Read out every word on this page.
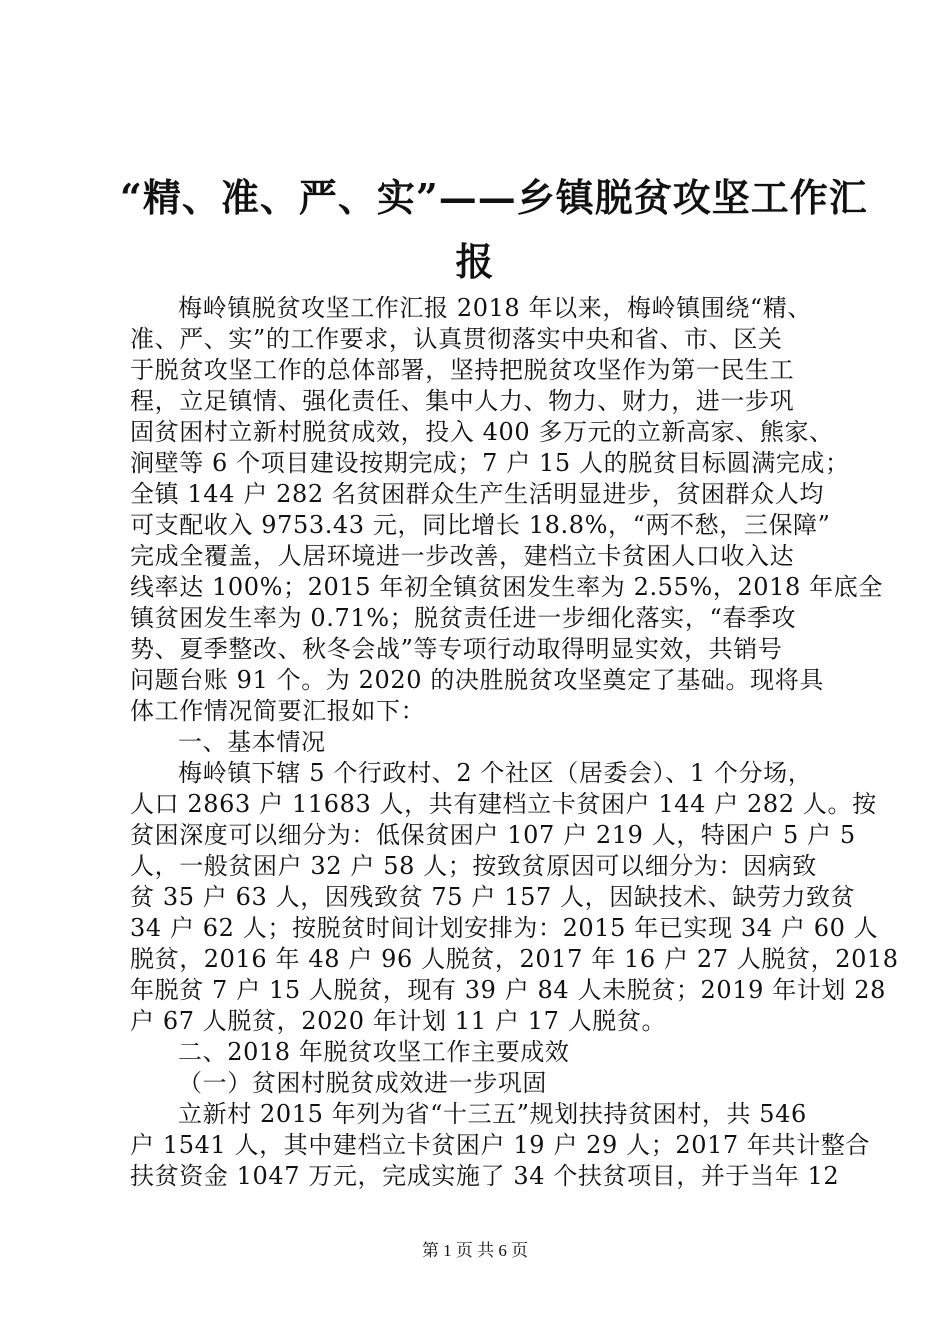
“精、准、严、实”——乡镇脱贫攻坚工作汇
报
梅岭镇脱贫攻坚工作汇报 2018 年以来，梅岭镇围绕“精、
准、严、实”的工作要求，认真贯彻落实中央和省、市、区关
于脱贫攻坚工作的总体部署，坚持把脱贫攻坚作为第一民生工
程，立足镇情、强化责任、集中人力、物力、财力，进一步巩
固贫困村立新村脱贫成效，投入 400 多万元的立新高家、熊家、
涧壁等 6 个项目建设按期完成；7 户 15 人的脱贫目标圆满完成；
全镇 144 户 282 名贫困群众生产生活明显进步，贫困群众人均
可支配收入 9753.43 元，同比增长 18.8%，“两不愁，三保障”
完成全覆盖，人居环境进一步改善，建档立卡贫困人口收入达
线率达 100%；2015 年初全镇贫困发生率为 2.55%，2018 年底全
镇贫困发生率为 0.71%；脱贫责任进一步细化落实，“春季攻
势、夏季整改、秋冬会战”等专项行动取得明显实效，共销号
问题台账 91 个。为 2020 的决胜脱贫攻坚奠定了基础。现将具
体工作情况简要汇报如下：
一、基本情况
梅岭镇下辖 5 个行政村、2 个社区（居委会）、1 个分场，
人口 2863 户 11683 人，共有建档立卡贫困户 144 户 282 人。按
贫困深度可以细分为：低保贫困户 107 户 219 人，特困户 5 户 5
人，一般贫困户 32 户 58 人；按致贫原因可以细分为：因病致
贫 35 户 63 人，因残致贫 75 户 157 人，因缺技术、缺劳力致贫
34 户 62 人；按脱贫时间计划安排为：2015 年已实现 34 户 60 人
脱贫，2016 年 48 户 96 人脱贫，2017 年 16 户 27 人脱贫，2018
年脱贫 7 户 15 人脱贫，现有 39 户 84 人未脱贫；2019 年计划 28
户 67 人脱贫，2020 年计划 11 户 17 人脱贫。
二、2018 年脱贫攻坚工作主要成效
（一）贫困村脱贫成效进一步巩固
立新村 2015 年列为省“十三五”规划扶持贫困村，共 546
户 1541 人，其中建档立卡贫困户 19 户 29 人；2017 年共计整合
扶贫资金 1047 万元，完成实施了 34 个扶贫项目，并于当年 12
第 1 页 共 6 页
